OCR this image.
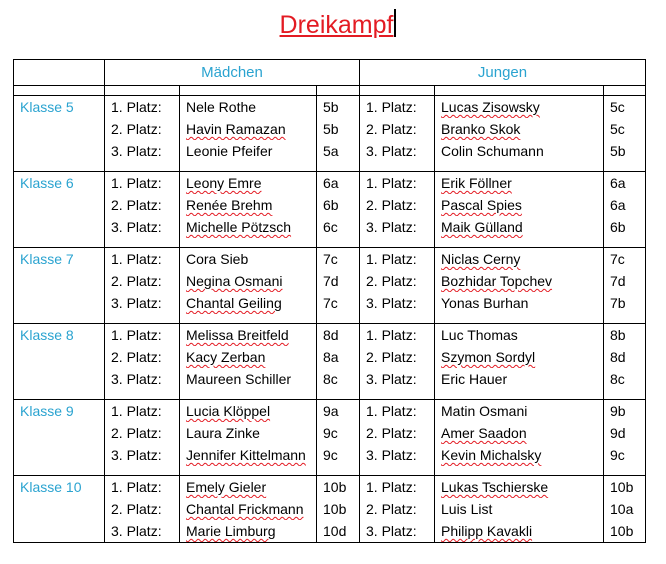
Dreikampf
	Mädchen			Jungen		

Klasse 5	1. Platz:	Nele Rothe	5b	1. Platz:	Lucas Zisowsky	5c
	2. Platz:	Havin Ramazan	5b	2. Platz:	Branko Skok	5c
	3. Platz:	Leonie Pfeifer	5a	3. Platz:	Colin Schumann	5b

Klasse 6	1. Platz:	Leony Emre	6a	1. Platz:	Erik Föllner	6a
	2. Platz:	Renée Brehm	6b	2. Platz:	Pascal Spies	6a
	3. Platz:	Michelle Pötzsch	6c	3. Platz:	Maik Gülland	6b

Klasse 7	1. Platz:	Cora Sieb	7c	1. Platz:	Niclas Cerny	7c
	2. Platz:	Negina Osmani	7d	2. Platz:	Bozhidar Topchev	7d
	3. Platz:	Chantal Geiling	7c	3. Platz:	Yonas Burhan	7b

Klasse 8	1. Platz:	Melissa Breitfeld	8d	1. Platz:	Luc Thomas	8b
	2. Platz:	Kacy Zerban	8a	2. Platz:	Szymon Sordyl	8d
	3. Platz:	Maureen Schiller	8c	3. Platz:	Eric Hauer	8c

Klasse 9	1. Platz:	Lucia Klöppel	9a	1. Platz:	Matin Osmani	9b
	2. Platz:	Laura Zinke	9c	2. Platz:	Amer Saadon	9d
	3. Platz:	Jennifer Kittelmann	9c	3. Platz:	Kevin Michalsky	9c

Klasse 10	1. Platz:	Emely Gieler	10b	1. Platz:	Lukas Tschierske	10b
	2. Platz:	Chantal Frickmann	10b	2. Platz:	Luis List	10a
	3. Platz:	Marie Limburg	10d	3. Platz:	Philipp Kavakli	10b
